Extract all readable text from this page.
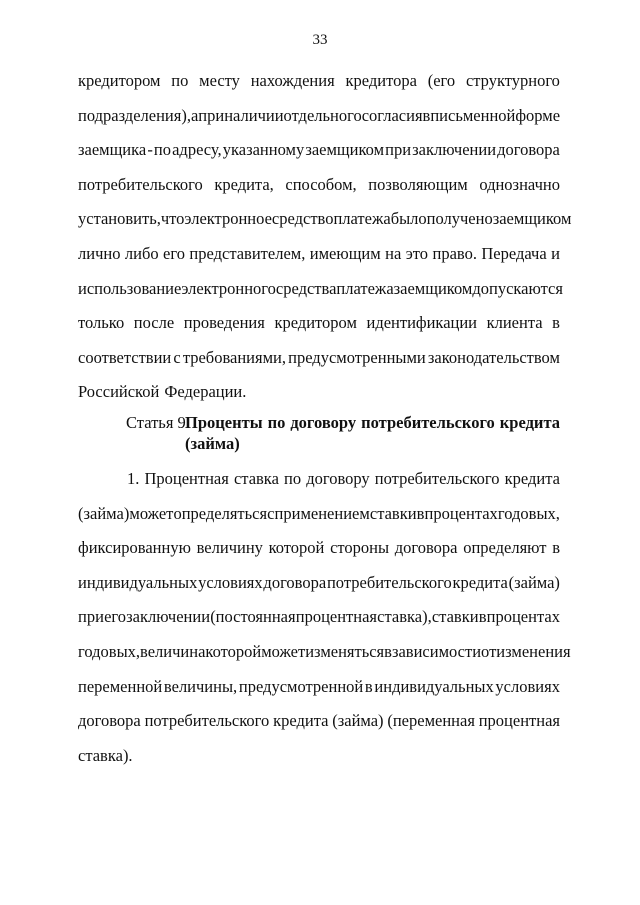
33
кредитором по месту нахождения кредитора (его структурного
подразделения), а при наличии отдельного согласия в письменной форме
заемщика - по адресу, указанному заемщиком при заключении договора
потребительского кредита, способом, позволяющим однозначно
установить, что электронное средство платежа было получено заемщиком
лично либо его представителем, имеющим на это право. Передача и
использование электронного средства платежа заемщиком допускаются
только после проведения кредитором идентификации клиента в
соответствии с требованиями, предусмотренными законодательством
Российской Федерации.
Статья 9.
Проценты по договору потребительского кредита
(займа)
1. Процентная ставка по договору потребительского кредита
(займа) может определяться с применением ставки в процентах годовых,
фиксированную величину которой стороны договора определяют в
индивидуальных условиях договора потребительского кредита (займа)
при его заключении (постоянная процентная ставка), ставки в процентах
годовых, величина которой может изменяться в зависимости от изменения
переменной величины, предусмотренной в индивидуальных условиях
договора потребительского кредита (займа) (переменная процентная
ставка).
